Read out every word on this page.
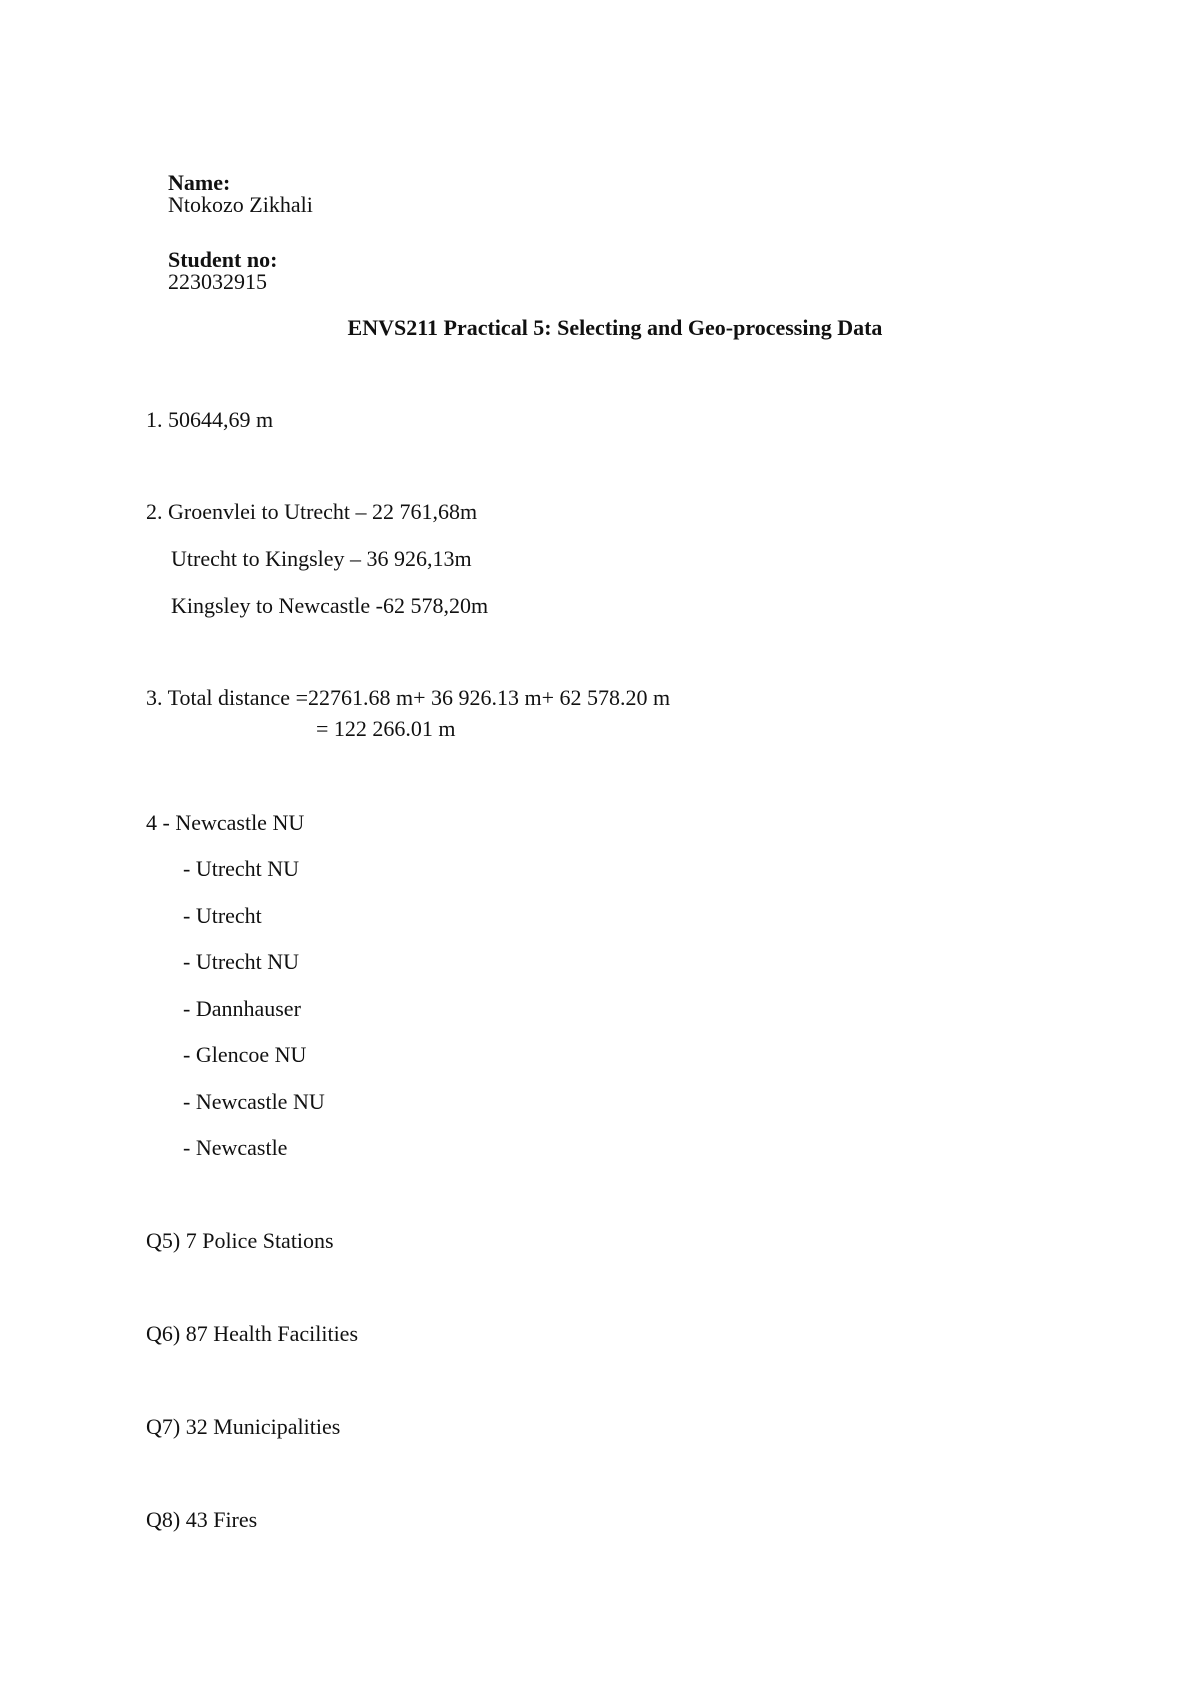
Name:
Ntokozo Zikhali

Student no:
223032915

ENVS211 Practical 5: Selecting and Geo-processing Data
1. 50644,69 m
2. Groenvlei to Utrecht – 22 761,68m
Utrecht to Kingsley – 36 926,13m
Kingsley to Newcastle -62 578,20m
3. Total distance =22761.68 m+ 36 926.13 m+ 62 578.20 m
= 122 266.01 m
4 - Newcastle NU
- Utrecht NU
- Utrecht
- Utrecht NU
- Dannhauser
- Glencoe NU
- Newcastle NU
- Newcastle
Q5) 7 Police Stations
Q6) 87 Health Facilities
Q7) 32 Municipalities
Q8) 43 Fires
